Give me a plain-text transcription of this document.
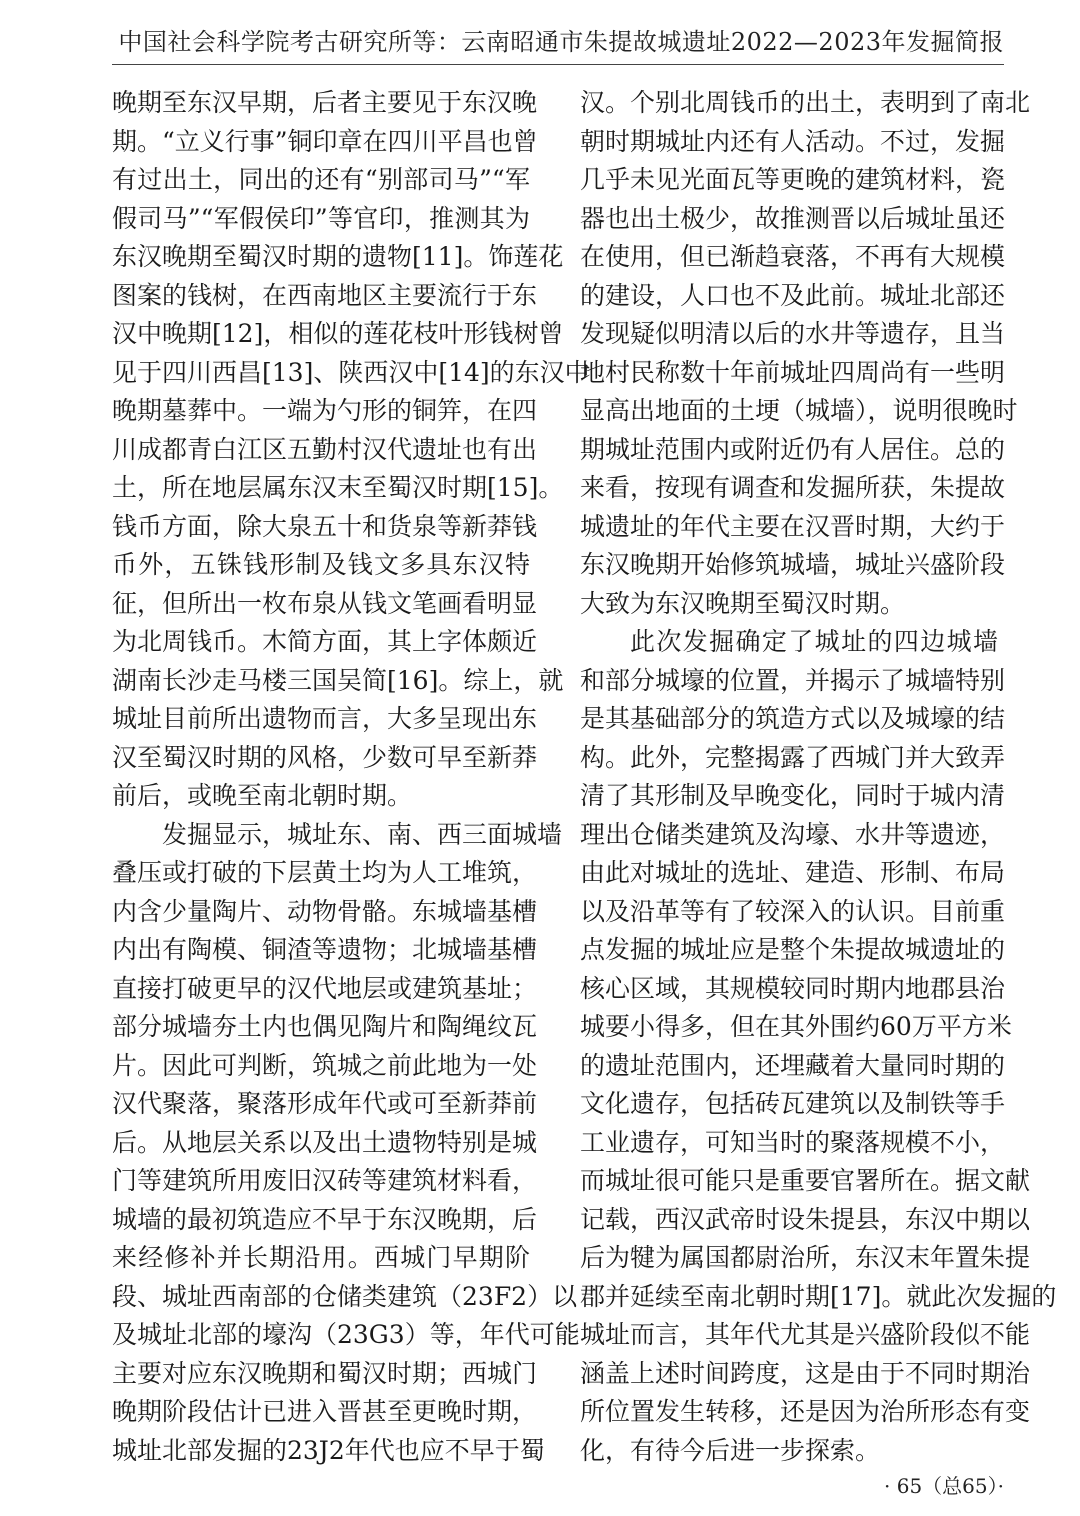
中国社会科学院考古研究所等：云南昭通市朱提故城遗址2022—2023年发掘简报
晚期至东汉早期，后者主要见于东汉晚
期。“立义行事”铜印章在四川平昌也曾
有过出土，同出的还有“别部司马”“军
假司马”“军假侯印”等官印，推测其为
东汉晚期至蜀汉时期的遗物[11]。饰莲花
图案的钱树，在西南地区主要流行于东
汉中晚期[12]，相似的莲花枝叶形钱树曾
见于四川西昌[13]、陕西汉中[14]的东汉中
晚期墓葬中。一端为勺形的铜笄，在四
川成都青白江区五勤村汉代遗址也有出
土，所在地层属东汉末至蜀汉时期[15]。
钱币方面，除大泉五十和货泉等新莽钱
币外，五铢钱形制及钱文多具东汉特
征，但所出一枚布泉从钱文笔画看明显
为北周钱币。木简方面，其上字体颇近
湖南长沙走马楼三国吴简[16]。综上，就
城址目前所出遗物而言，大多呈现出东
汉至蜀汉时期的风格，少数可早至新莽
前后，或晚至南北朝时期。
发掘显示，城址东、南、西三面城墙
叠压或打破的下层黄土均为人工堆筑，
内含少量陶片、动物骨骼。东城墙基槽
内出有陶模、铜渣等遗物；北城墙基槽
直接打破更早的汉代地层或建筑基址；
部分城墙夯土内也偶见陶片和陶绳纹瓦
片。因此可判断，筑城之前此地为一处
汉代聚落，聚落形成年代或可至新莽前
后。从地层关系以及出土遗物特别是城
门等建筑所用废旧汉砖等建筑材料看，
城墙的最初筑造应不早于东汉晚期，后
来经修补并长期沿用。西城门早期阶
段、城址西南部的仓储类建筑（23F2）以
及城址北部的壕沟（23G3）等，年代可能
主要对应东汉晚期和蜀汉时期；西城门
晚期阶段估计已进入晋甚至更晚时期，
城址北部发掘的23J2年代也应不早于蜀
汉。个别北周钱币的出土，表明到了南北
朝时期城址内还有人活动。不过，发掘
几乎未见光面瓦等更晚的建筑材料，瓷
器也出土极少，故推测晋以后城址虽还
在使用，但已渐趋衰落，不再有大规模
的建设，人口也不及此前。城址北部还
发现疑似明清以后的水井等遗存，且当
地村民称数十年前城址四周尚有一些明
显高出地面的土埂（城墙），说明很晚时
期城址范围内或附近仍有人居住。总的
来看，按现有调查和发掘所获，朱提故
城遗址的年代主要在汉晋时期，大约于
东汉晚期开始修筑城墙，城址兴盛阶段
大致为东汉晚期至蜀汉时期。
此次发掘确定了城址的四边城墙
和部分城壕的位置，并揭示了城墙特别
是其基础部分的筑造方式以及城壕的结
构。此外，完整揭露了西城门并大致弄
清了其形制及早晚变化，同时于城内清
理出仓储类建筑及沟壕、水井等遗迹，
由此对城址的选址、建造、形制、布局
以及沿革等有了较深入的认识。目前重
点发掘的城址应是整个朱提故城遗址的
核心区域，其规模较同时期内地郡县治
城要小得多，但在其外围约60万平方米
的遗址范围内，还埋藏着大量同时期的
文化遗存，包括砖瓦建筑以及制铁等手
工业遗存，可知当时的聚落规模不小，
而城址很可能只是重要官署所在。据文献
记载，西汉武帝时设朱提县，东汉中期以
后为犍为属国都尉治所，东汉末年置朱提
郡并延续至南北朝时期[17]。就此次发掘的
城址而言，其年代尤其是兴盛阶段似不能
涵盖上述时间跨度，这是由于不同时期治
所位置发生转移，还是因为治所形态有变
化，有待今后进一步探索。
· 65（总65）·
